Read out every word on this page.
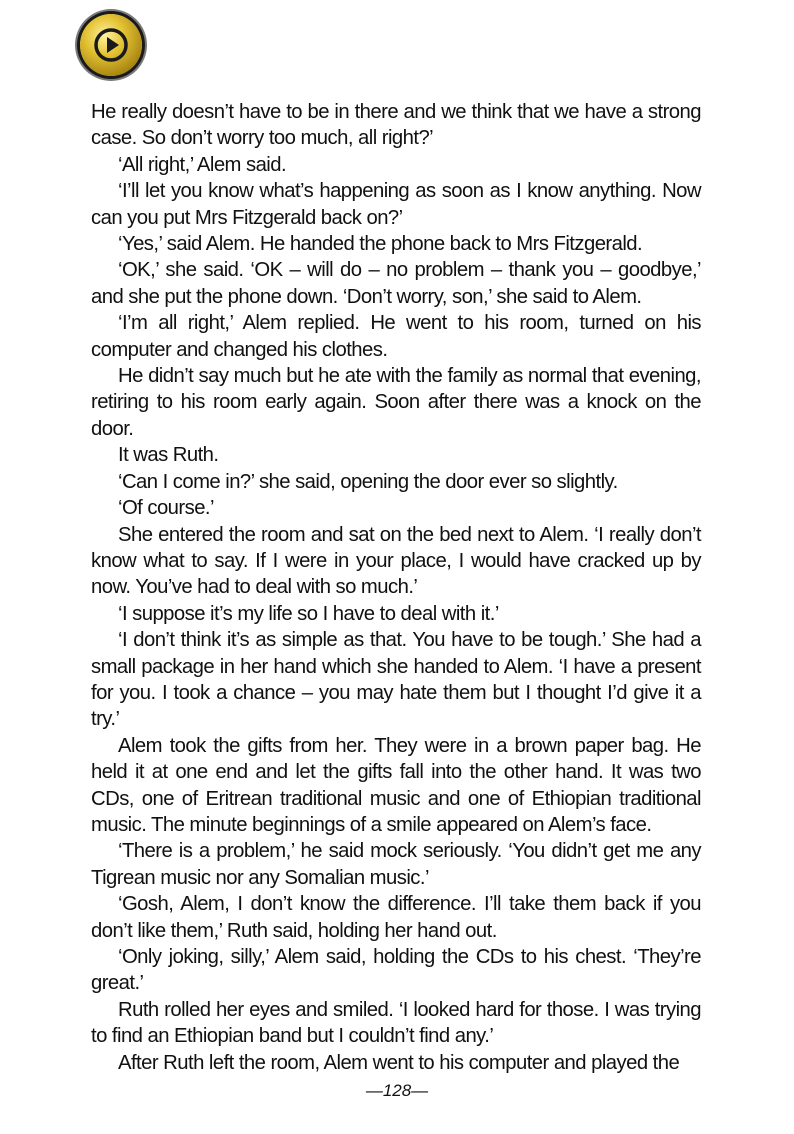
He really doesn’t have to be in there and we think that we have a strong case. So don’t worry too much, all right?’

‘All right,’ Alem said.

‘I’ll let you know what’s happening as soon as I know anything. Now can you put Mrs Fitzgerald back on?’

‘Yes,’ said Alem. He handed the phone back to Mrs Fitzgerald.

‘OK,’ she said. ‘OK – will do – no problem – thank you – goodbye,’ and she put the phone down. ‘Don’t worry, son,’ she said to Alem.

‘I’m all right,’ Alem replied. He went to his room, turned on his computer and changed his clothes.

He didn’t say much but he ate with the family as normal that evening, retiring to his room early again. Soon after there was a knock on the door.

It was Ruth.

‘Can I come in?’ she said, opening the door ever so slightly.

‘Of course.’

She entered the room and sat on the bed next to Alem. ‘I really don’t know what to say. If I were in your place, I would have cracked up by now. You’ve had to deal with so much.’

‘I suppose it’s my life so I have to deal with it.’

‘I don’t think it’s as simple as that. You have to be tough.’ She had a small package in her hand which she handed to Alem. ‘I have a present for you. I took a chance – you may hate them but I thought I’d give it a try.’

Alem took the gifts from her. They were in a brown paper bag. He held it at one end and let the gifts fall into the other hand. It was two CDs, one of Eritrean traditional music and one of Ethiopian traditional music. The minute beginnings of a smile appeared on Alem’s face.

‘There is a problem,’ he said mock seriously. ‘You didn’t get me any Tigrean music nor any Somalian music.’

‘Gosh, Alem, I don’t know the difference. I’ll take them back if you don’t like them,’ Ruth said, holding her hand out.

‘Only joking, silly,’ Alem said, holding the CDs to his chest. ‘They’re great.’

Ruth rolled her eyes and smiled. ‘I looked hard for those. I was trying to find an Ethiopian band but I couldn’t find any.’

After Ruth left the room, Alem went to his computer and played the

—128—
